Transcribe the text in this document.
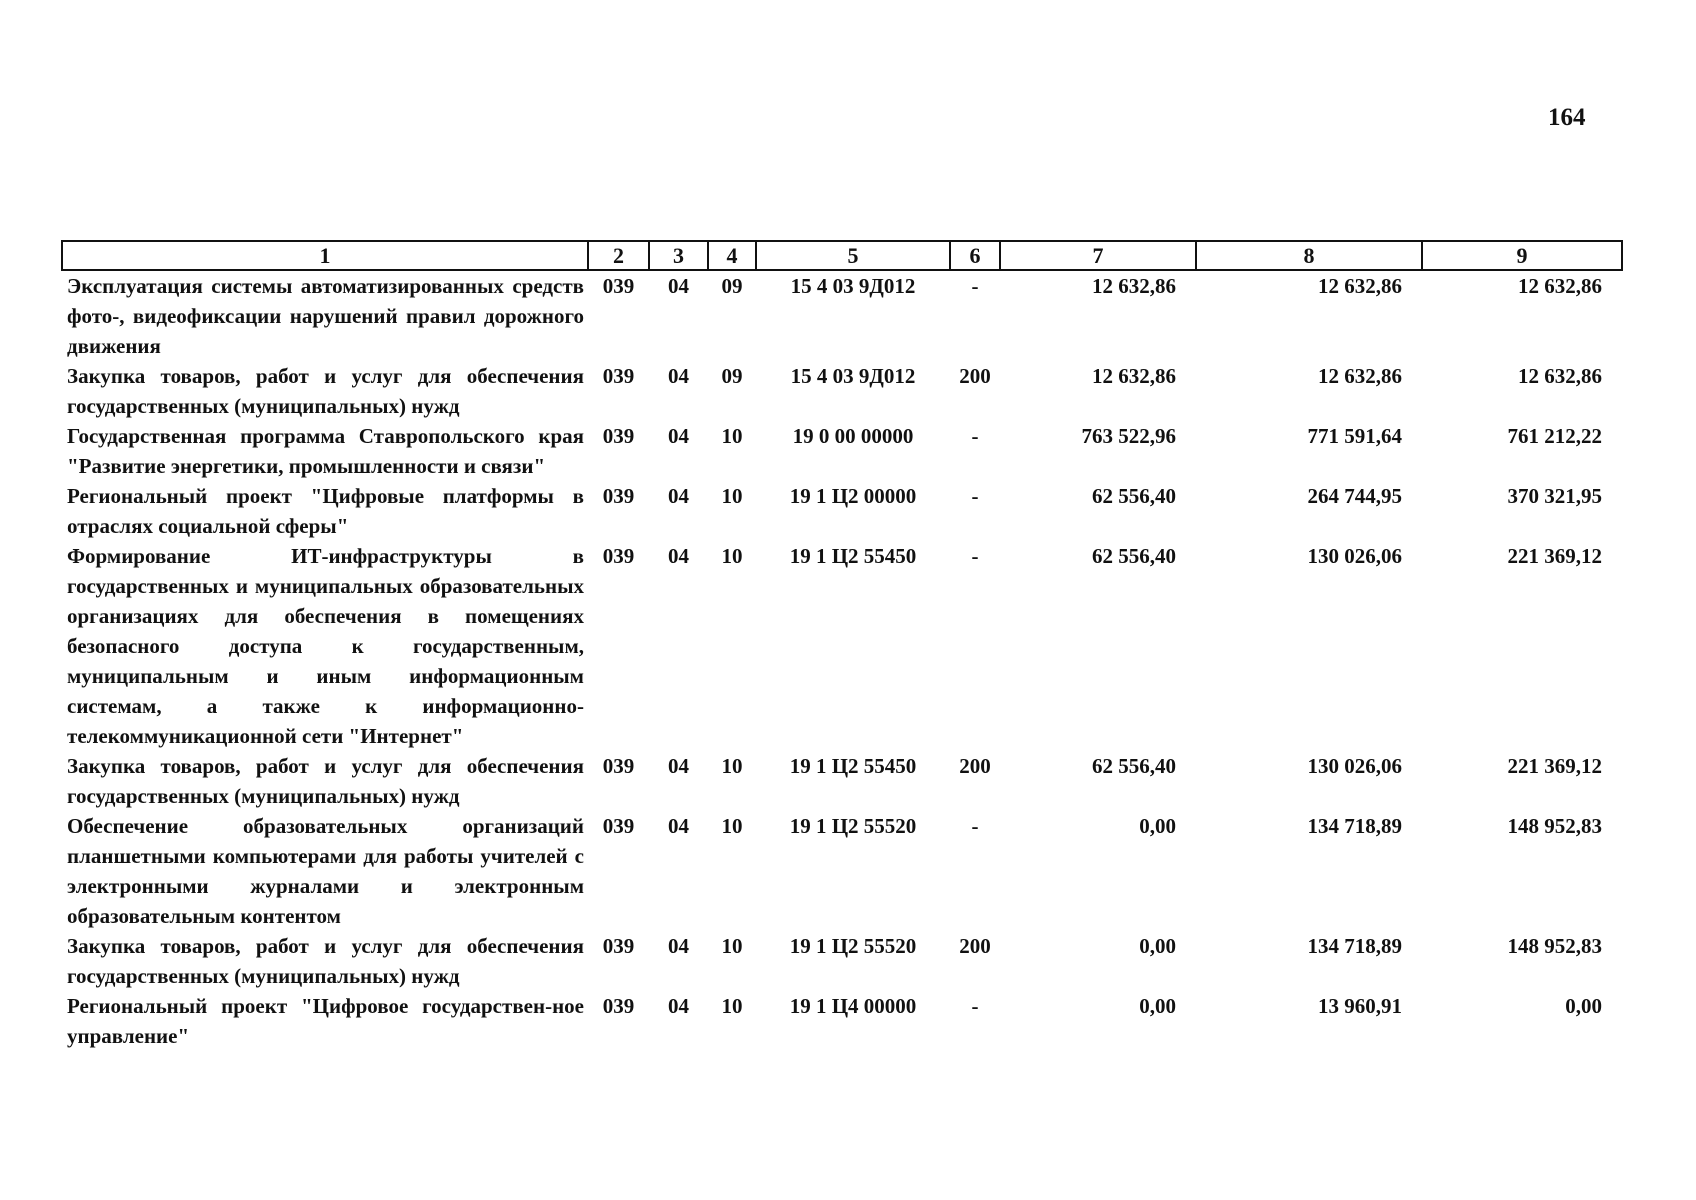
164
1	2	3	4	5	6	7	8	9
Эксплуатация системы автоматизированных средств фото-, видеофиксации нарушений правил дорожного движения	039	04	09	15 4 03 9Д012	-	12 632,86	12 632,86	12 632,86
Закупка товаров, работ и услуг для обеспечения государственных (муниципальных) нужд	039	04	09	15 4 03 9Д012	200	12 632,86	12 632,86	12 632,86
Государственная программа Ставропольского края "Развитие энергетики, промышленности и связи"	039	04	10	19 0 00 00000	-	763 522,96	771 591,64	761 212,22
Региональный проект "Цифровые платформы в отраслях социальной сферы"	039	04	10	19 1 Ц2 00000	-	62 556,40	264 744,95	370 321,95
Формирование ИТ-инфраструктуры в государственных и муниципальных образовательных организациях для обеспечения в помещениях безопасного доступа к государственным, муниципальным и иным информационным системам, а также к информационно-телекоммуникационной сети "Интернет"	039	04	10	19 1 Ц2 55450	-	62 556,40	130 026,06	221 369,12
Закупка товаров, работ и услуг для обеспечения государственных (муниципальных) нужд	039	04	10	19 1 Ц2 55450	200	62 556,40	130 026,06	221 369,12
Обеспечение образовательных организаций планшетными компьютерами для работы учителей с электронными журналами и электронным образовательным контентом	039	04	10	19 1 Ц2 55520	-	0,00	134 718,89	148 952,83
Закупка товаров, работ и услуг для обеспечения государственных (муниципальных) нужд	039	04	10	19 1 Ц2 55520	200	0,00	134 718,89	148 952,83
Региональный проект "Цифровое государствен-ное управление"	039	04	10	19 1 Ц4 00000	-	0,00	13 960,91	0,00
